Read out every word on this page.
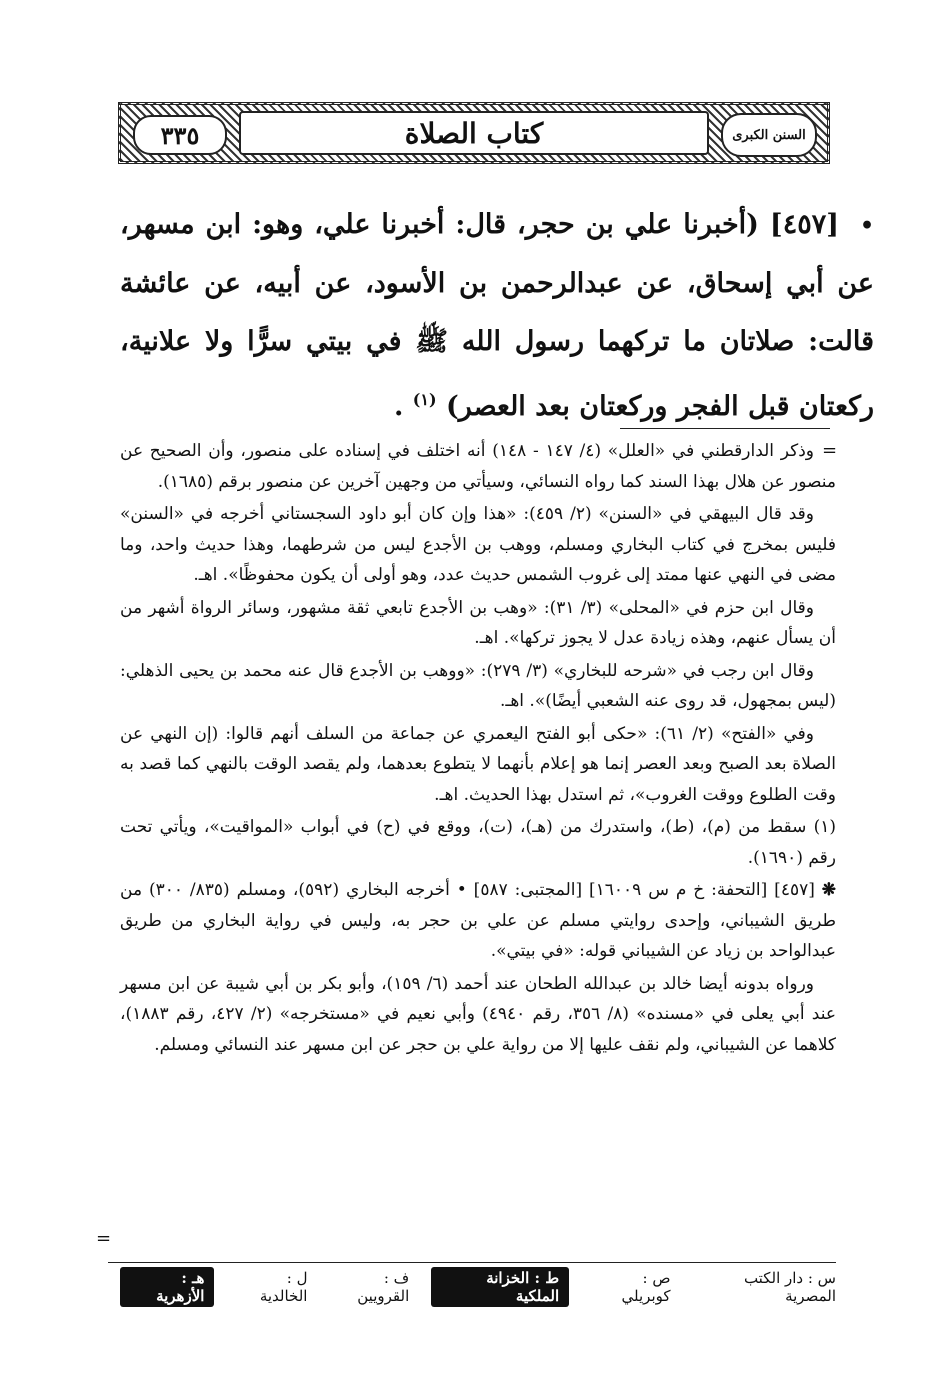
٣٣٥	كتاب الصلاة	السنن الكبرى
• [٤٥٧] (أخبرنا علي بن حجر، قال: أخبرنا علي، وهو: ابن مسهر، عن أبي إسحاق، عن عبدالرحمن بن الأسود، عن أبيه، عن عائشة قالت: صلاتان ما تركهما رسول الله ﷺ في بيتي سرًّا ولا علانية، ركعتان قبل الفجر وركعتان بعد العصر) $^{(١)}$ .
=
=

وذكر الدارقطني في «العلل» (٤/ ١٤٧ - ١٤٨) أنه اختلف في إسناده على منصور، وأن الصحيح عن منصور عن هلال بهذا السند كما رواه النسائي، وسيأتي من وجهين آخرين عن منصور برقم (١٦٨٥).

وقد قال البيهقي في «السنن» (٢/ ٤٥٩): «هذا وإن كان أبو داود السجستاني أخرجه في «السنن» فليس بمخرج في كتاب البخاري ومسلم، ووهب بن الأجدع ليس من شرطهما، وهذا حديث واحد، وما مضى في النهي عنها ممتد إلى غروب الشمس حديث عدد، وهو أولى أن يكون محفوظًا». اهـ.

وقال ابن حزم في «المحلى» (٣/ ٣١): «وهب بن الأجدع تابعي ثقة مشهور، وسائر الرواة أشهر من أن يسأل عنهم، وهذه زيادة عدل لا يجوز تركها». اهـ.

وقال ابن رجب في «شرحه للبخاري» (٣/ ٢٧٩): «ووهب بن الأجدع قال عنه محمد بن يحيى الذهلي: (ليس بمجهول، قد روى عنه الشعبي أيضًا)». اهـ.

وفي «الفتح» (٢/ ٦١): «حكى أبو الفتح اليعمري عن جماعة من السلف أنهم قالوا: (إن النهي عن الصلاة بعد الصبح وبعد العصر إنما هو إعلام بأنهما لا يتطوع بعدهما، ولم يقصد الوقت بالنهي كما قصد به وقت الطلوع ووقت الغروب»، ثم استدل بهذا الحديث. اهـ.

(١) سقط من (م)، (ط)، واستدرك من (هـ)، (ت)، ووقع في (ح) في أبواب «المواقيت»، ويأتي تحت رقم (١٦٩٠).

❋ [٤٥٧] [التحفة: خ م س ١٦٠٠٩] [المجتبى: ٥٨٧] • أخرجه البخاري (٥٩٢)، ومسلم (٨٣٥/ ٣٠٠) من طريق الشيباني، وإحدى روايتي مسلم عن علي بن حجر به، وليس في رواية البخاري من طريق عبدالواحد بن زياد عن الشيباني قوله: «في بيتي».

ورواه بدونه أيضا خالد بن عبدالله الطحان عند أحمد (٦/ ١٥٩)، وأبو بكر بن أبي شيبة عن ابن مسهر عند أبي يعلى في «مسنده» (٨/ ٣٥٦، رقم ٤٩٤٠) وأبي نعيم في «مستخرجه» (٢/ ٤٢٧، رقم ١٨٨٣)، كلاهما عن الشيباني، ولم نقف عليها إلا من رواية علي بن حجر عن ابن مسهر عند النسائي ومسلم.

س : دار الكتب المصرية
ص : كوبريلي
ط : الخزانة الملكية
ف : القرويين
ل : الخالدية
هـ : الأزهرية
